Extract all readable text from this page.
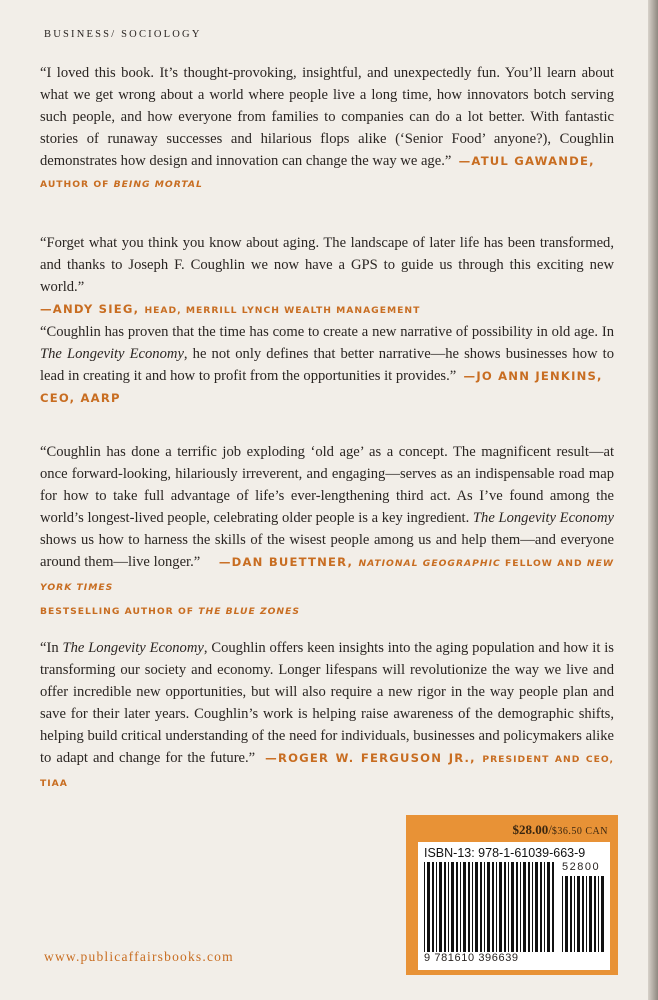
BUSINESS/ SOCIOLOGY
“I loved this book. It’s thought-provoking, insightful, and unexpectedly fun. You’ll learn about what we get wrong about a world where people live a long time, how innovators botch serving such people, and how everyone from families to companies can do a lot better. With fantastic stories of runaway successes and hilarious flops alike (‘Senior Food’ anyone?), Coughlin demonstrates how design and innovation can change the way we age.” —ATUL GAWANDE,
AUTHOR OF BEING MORTAL
“Forget what you think you know about aging. The landscape of later life has been transformed, and thanks to Joseph F. Coughlin we now have a GPS to guide us through this exciting new world.”
—ANDY SIEG, HEAD, MERRILL LYNCH WEALTH MANAGEMENT
“Coughlin has proven that the time has come to create a new narrative of possibility in old age. In The Longevity Economy, he not only defines that better narrative—he shows businesses how to lead in creating it and how to profit from the opportunities it provides.” —JO ANN JENKINS,
CEO, AARP
“Coughlin has done a terrific job exploding ‘old age’ as a concept. The magnificent result—at once forward-looking, hilariously irreverent, and engaging—serves as an indispensable road map for how to take full advantage of life’s ever-lengthening third act. As I’ve found among the world’s longest-lived people, celebrating older people is a key ingredient. The Longevity Economy shows us how to harness the skills of the wisest people among us and help them—and everyone around them—live longer.” —DAN BUETTNER, NATIONAL GEOGRAPHIC FELLOW AND NEW YORK TIMES
BESTSELLING AUTHOR OF THE BLUE ZONES
“In The Longevity Economy, Coughlin offers keen insights into the aging population and how it is transforming our society and economy. Longer lifespans will revolutionize the way we live and offer incredible new opportunities, but will also require a new rigor in the way people plan and save for their later years. Coughlin’s work is helping raise awareness of the demographic shifts, helping build critical understanding of the need for individuals, businesses and policymakers alike to adapt and change for the future.” —ROGER W. FERGUSON JR., PRESIDENT AND CEO, TIAA
$28.00/$36.50 CAN
ISBN-13: 978-1-61039-663-9
52800
9 781610 396639
www.publicaffairsbooks.com
